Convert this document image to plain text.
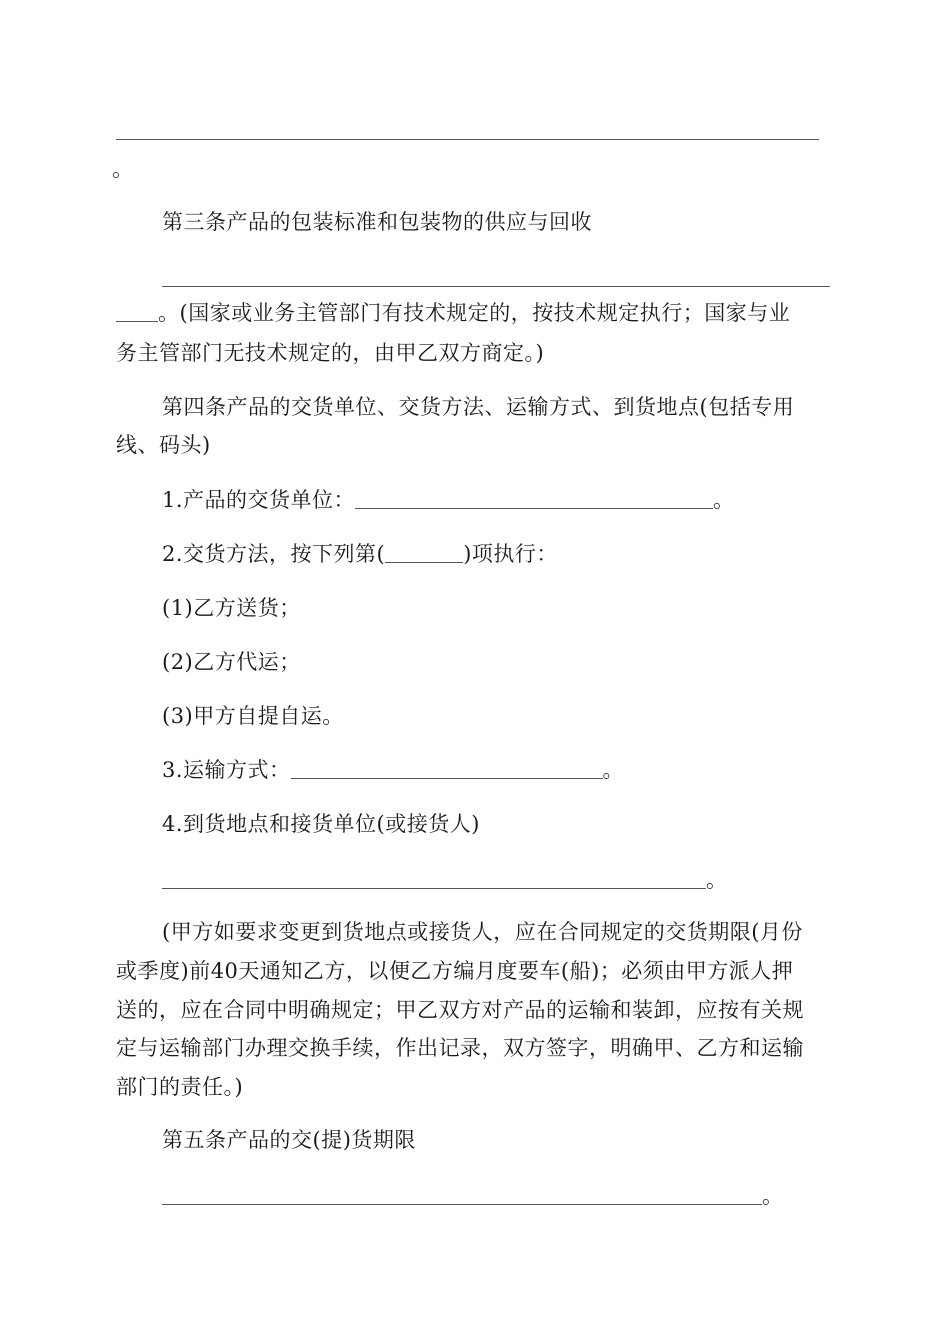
。
第三条产品的包装标准和包装物的供应与回收
。(国家或业务主管部门有技术规定的，按技术规定执行；国家与业
务主管部门无技术规定的，由甲乙双方商定。)
第四条产品的交货单位、交货方法、运输方式、到货地点(包括专用
线、码头)
1.产品的交货单位：	。
2.交货方法，按下列第(	)项执行：
(1)乙方送货；
(2)乙方代运；
(3)甲方自提自运。
3.运输方式：	。
4.到货地点和接货单位(或接货人)
。
(甲方如要求变更到货地点或接货人，应在合同规定的交货期限(月份
或季度)前40天通知乙方，以便乙方编月度要车(船)；必须由甲方派人押
送的，应在合同中明确规定；甲乙双方对产品的运输和装卸，应按有关规
定与运输部门办理交换手续，作出记录，双方签字，明确甲、乙方和运输
部门的责任。)
第五条产品的交(提)货期限
。
